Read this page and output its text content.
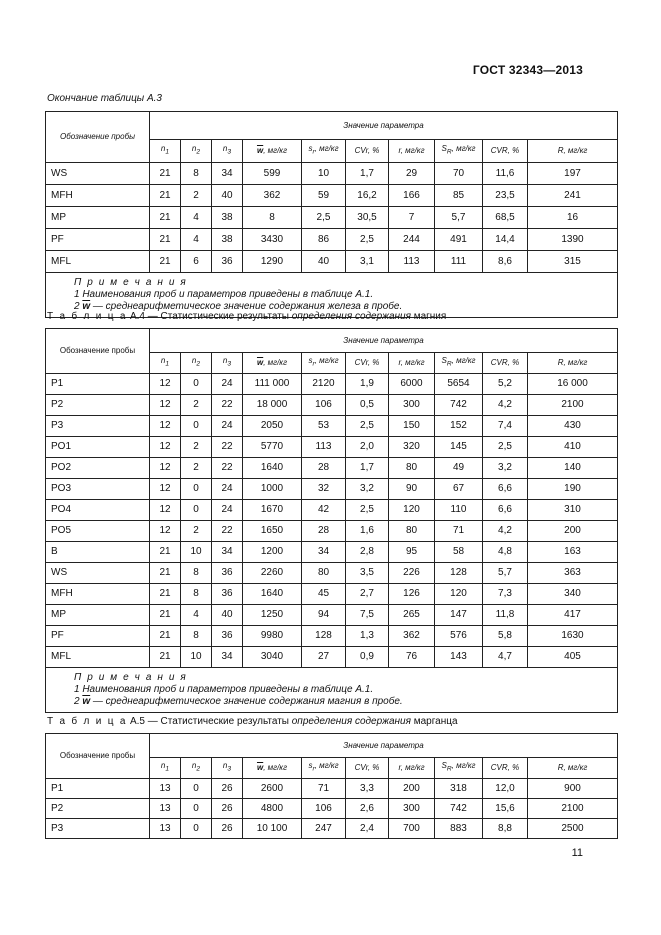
ГОСТ 32343—2013
Окончание таблицы А.3
Обозначение пробы	Значение параметра									
	$n_1$	$n_2$	$n_3$	$\overline{w}$, мг/кг	$s_r$, мг/кг	CVr, %	r, мг/кг	$S_R$, мг/кг	CVR, %	R, мг/кг
WS	21	8	34	599	10	1,7	29	70	11,6	197
MFH	21	2	40	362	59	16,2	166	85	23,5	241
MP	21	4	38	8	2,5	30,5	7	5,7	68,5	16
PF	21	4	38	3430	86	2,5	244	491	14,4	1390
MFL	21	6	36	1290	40	3,1	113	111	8,6	315

П р и м е ч а н и я
1 Наименования проб и параметров приведены в таблице А.1.
2 $\overline{w}$ — среднеарифметическое значение содержания железа в пробе.										
Т а б л и ц а А.4 — Статистические результаты определения содержания магния
Обозначение пробы	Значение параметра									
	$n_1$	$n_2$	$n_3$	$\overline{w}$, мг/кг	$s_r$, мг/кг	CVr, %	r, мг/кг	$S_R$, мг/кг	CVR, %	R, мг/кг
P1	12	0	24	111 000	2120	1,9	6000	5654	5,2	16 000
P2	12	2	22	18 000	106	0,5	300	742	4,2	2100
P3	12	0	24	2050	53	2,5	150	152	7,4	430
PO1	12	2	22	5770	113	2,0	320	145	2,5	410
PO2	12	2	22	1640	28	1,7	80	49	3,2	140
PO3	12	0	24	1000	32	3,2	90	67	6,6	190
PO4	12	0	24	1670	42	2,5	120	110	6,6	310
PO5	12	2	22	1650	28	1,6	80	71	4,2	200
B	21	10	34	1200	34	2,8	95	58	4,8	163
WS	21	8	36	2260	80	3,5	226	128	5,7	363
MFH	21	8	36	1640	45	2,7	126	120	7,3	340
MP	21	4	40	1250	94	7,5	265	147	11,8	417
PF	21	8	36	9980	128	1,3	362	576	5,8	1630
MFL	21	10	34	3040	27	0,9	76	143	4,7	405

П р и м е ч а н и я
1 Наименования проб и параметров приведены в таблице А.1.
2 $\overline{w}$ — среднеарифметическое значение содержания магния в пробе.										
Т а б л и ц а А.5 — Статистические результаты определения содержания марганца
Обозначение пробы	Значение параметра									
	$n_1$	$n_2$	$n_3$	$\overline{w}$, мг/кг	$s_r$, мг/кг	CVr, %	r, мг/кг	$S_R$, мг/кг	CVR, %	R, мг/кг
P1	13	0	26	2600	71	3,3	200	318	12,0	900
P2	13	0	26	4800	106	2,6	300	742	15,6	2100
P3	13	0	26	10 100	247	2,4	700	883	8,8	2500
11
